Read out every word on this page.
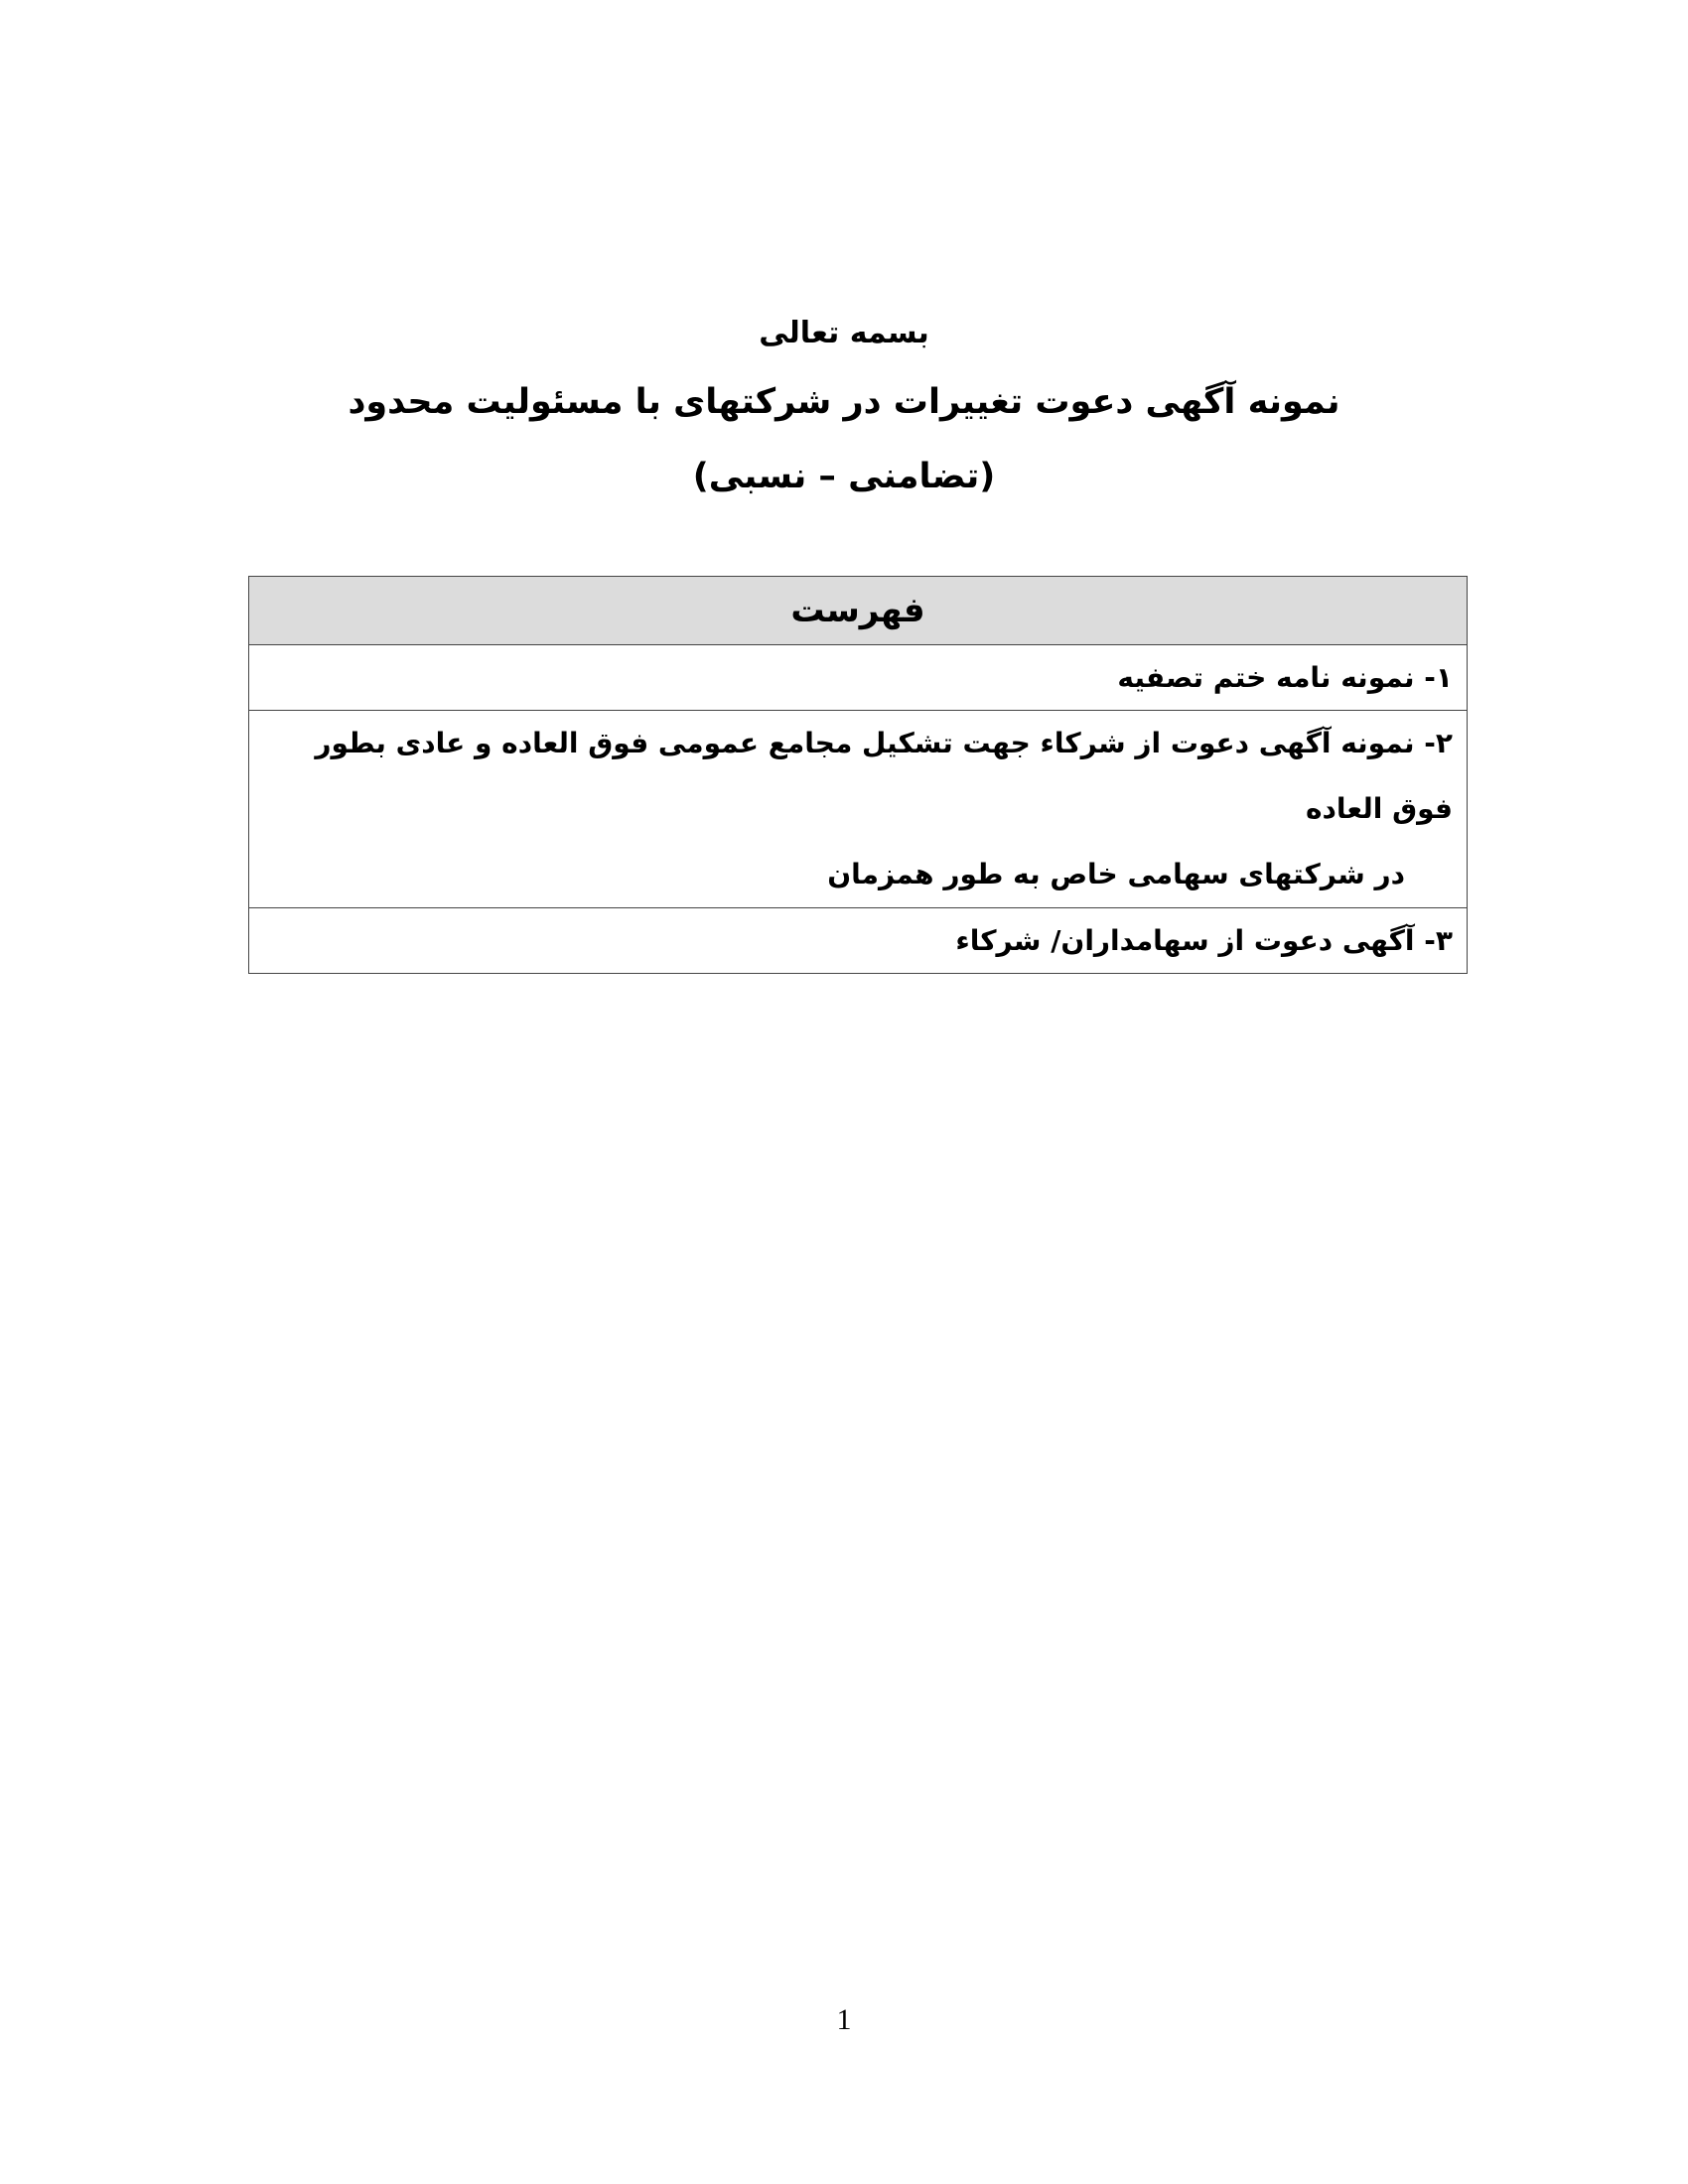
بسمه تعالی
نمونه آگهی دعوت تغییرات در شرکتهای با مسئولیت محدود
(تضامنی – نسبی)
فهرست
١- نمونه نامه ختم تصفیه

٢- نمونه آگهی دعوت از شرکاء جهت تشکیل مجامع عمومی فوق العاده و عادی بطور فوق العاده
در شرکتهای سهامی خاص به طور همزمان

٣- آگهی دعوت از سهامداران/ شرکاء
1
